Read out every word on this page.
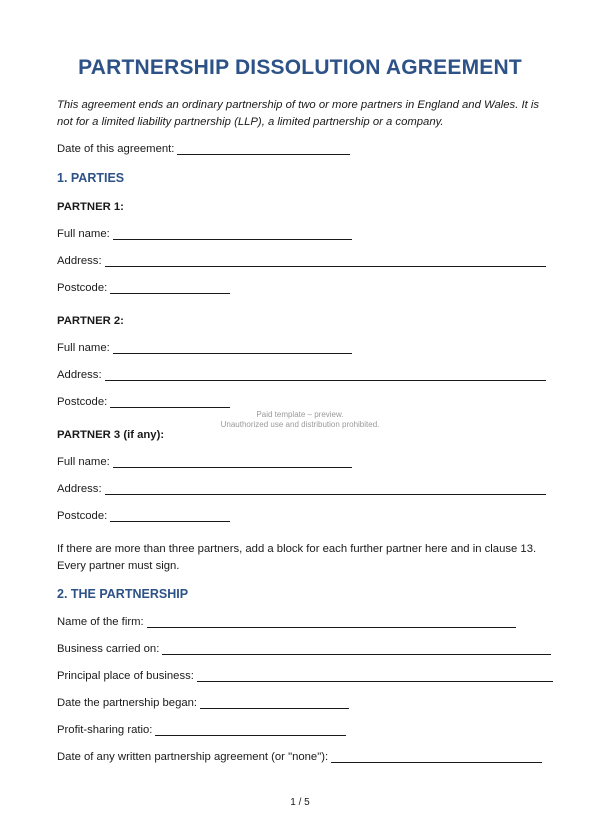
PARTNERSHIP DISSOLUTION AGREEMENT
This agreement ends an ordinary partnership of two or more partners in England and Wales. It is not for a limited liability partnership (LLP), a limited partnership or a company.
Date of this agreement:
1. PARTIES
PARTNER 1:
Full name:
Address:
Postcode:
PARTNER 2:
Full name:
Address:
Postcode:
Paid template – preview.
Unauthorized use and distribution prohibited.
PARTNER 3 (if any):
Full name:
Address:
Postcode:
If there are more than three partners, add a block for each further partner here and in clause 13. Every partner must sign.
2. THE PARTNERSHIP
Name of the firm:
Business carried on:
Principal place of business:
Date the partnership began:
Profit-sharing ratio:
Date of any written partnership agreement (or "none"):
1 / 5
